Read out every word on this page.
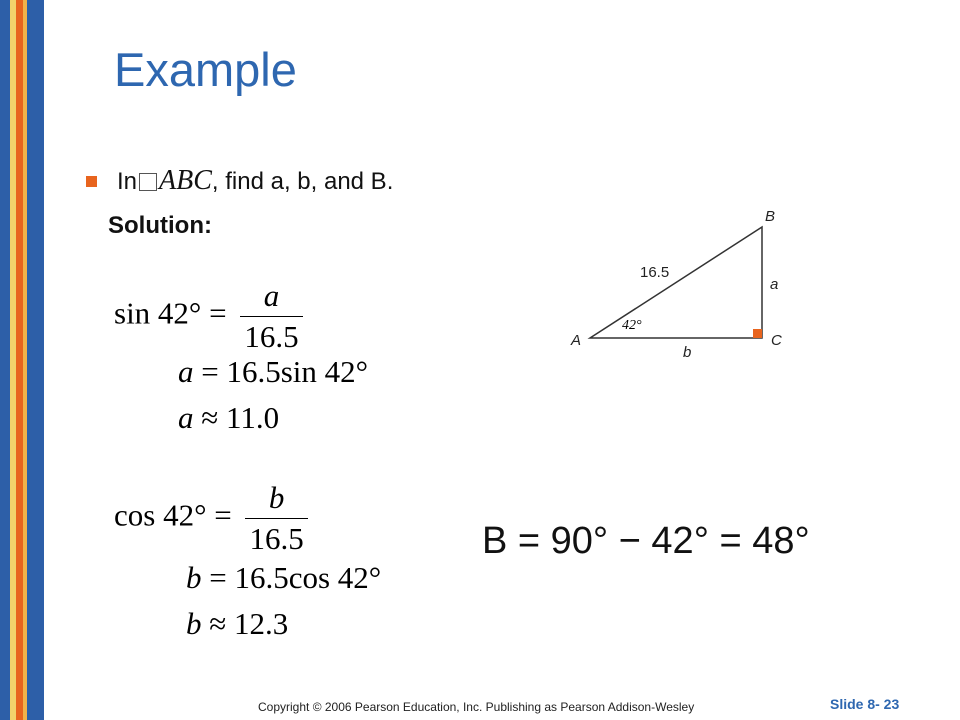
Example
In ABC, find a, b, and B.
Solution:
$\sin 42^\circ = \frac{a}{16.5}$
a = 16.5sin 42°
a ≈ 11.0
$\cos 42^\circ = \frac{b}{16.5}$
b = 16.5cos 42°
b ≈ 12.3
B = 90° − 42° = 48°
B
A	C
16.5
a
b
42°
Copyright © 2006 Pearson Education, Inc. Publishing as Pearson Addison-Wesley	Slide 8- 23
